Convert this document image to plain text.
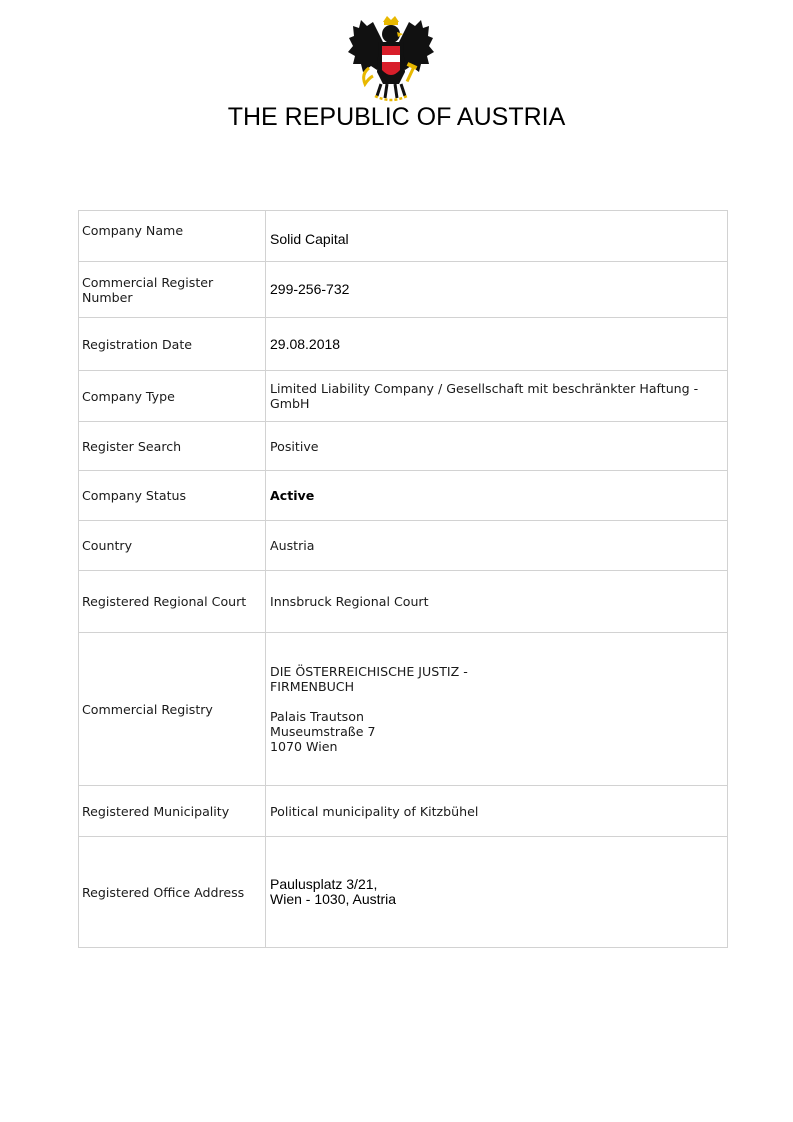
THE REPUBLIC OF AUSTRIA
Company Name	Solid Capital
Commercial Register Number	299-256-732
Registration Date	29.08.2018
Company Type	Limited Liability Company / Gesellschaft mit beschränkter Haftung - GmbH
Register Search	Positive
Company Status	Active
Country	Austria
Registered Regional Court	Innsbruck Regional Court
Commercial Registry	DIE ÖSTERREICHISCHE JUSTIZ -
FIRMENBUCH

Palais Trautson
Museumstraße 7
1070 Wien

Registered Municipality	Political municipality of Kitzbühel
Registered Office Address	Paulusplatz 3/21,
Wien - 1030, Austria
